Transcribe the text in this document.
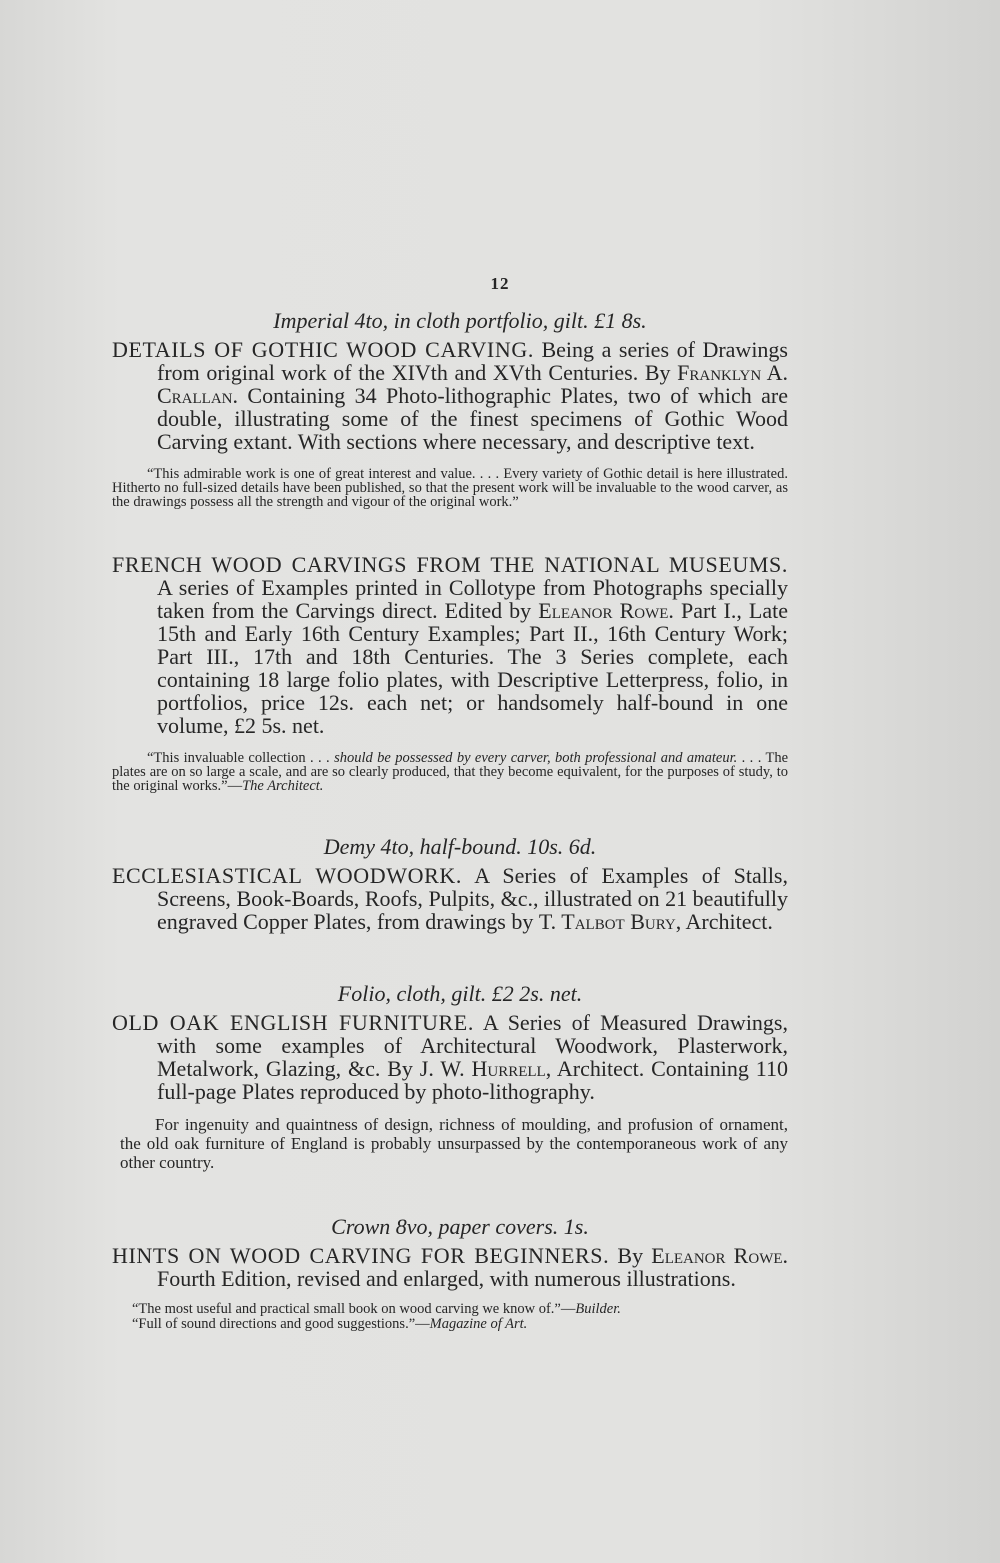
12
Imperial 4to, in cloth portfolio, gilt. £1 8s.
DETAILS OF GOTHIC WOOD CARVING. Being a series of Drawings from original work of the XIVth and XVth Centuries. By Franklyn A. Crallan. Containing 34 Photo-lithographic Plates, two of which are double, illustrating some of the finest specimens of Gothic Wood Carving extant. With sections where necessary, and descriptive text.
“This admirable work is one of great interest and value. . . . Every variety of Gothic detail is here illustrated. Hitherto no full-sized details have been published, so that the present work will be invaluable to the wood carver, as the drawings possess all the strength and vigour of the original work.”
FRENCH WOOD CARVINGS FROM THE NATIONAL MUSEUMS. A series of Examples printed in Collotype from Photographs specially taken from the Carvings direct. Edited by Eleanor Rowe. Part I., Late 15th and Early 16th Century Examples; Part II., 16th Century Work; Part III., 17th and 18th Centuries. The 3 Series complete, each containing 18 large folio plates, with Descriptive Letterpress, folio, in portfolios, price 12s. each net; or handsomely half-bound in one volume, £2 5s. net.
“This invaluable collection . . . should be possessed by every carver, both professional and amateur. . . . The plates are on so large a scale, and are so clearly produced, that they become equivalent, for the purposes of study, to the original works.”—The Architect.
Demy 4to, half-bound. 10s. 6d.
ECCLESIASTICAL WOODWORK. A Series of Examples of Stalls, Screens, Book-Boards, Roofs, Pulpits, &c., illustrated on 21 beautifully engraved Copper Plates, from drawings by T. Talbot Bury, Architect.
Folio, cloth, gilt. £2 2s. net.
OLD OAK ENGLISH FURNITURE. A Series of Measured Drawings, with some examples of Architectural Woodwork, Plasterwork, Metalwork, Glazing, &c. By J. W. Hurrell, Architect. Containing 110 full-page Plates reproduced by photo-lithography.
For ingenuity and quaintness of design, richness of moulding, and profusion of ornament, the old oak furniture of England is probably unsurpassed by the contemporaneous work of any other country.
Crown 8vo, paper covers. 1s.
HINTS ON WOOD CARVING FOR BEGINNERS. By Eleanor Rowe. Fourth Edition, revised and enlarged, with numerous illustrations.
“The most useful and practical small book on wood carving we know of.”—Builder.
“Full of sound directions and good suggestions.”—Magazine of Art.
